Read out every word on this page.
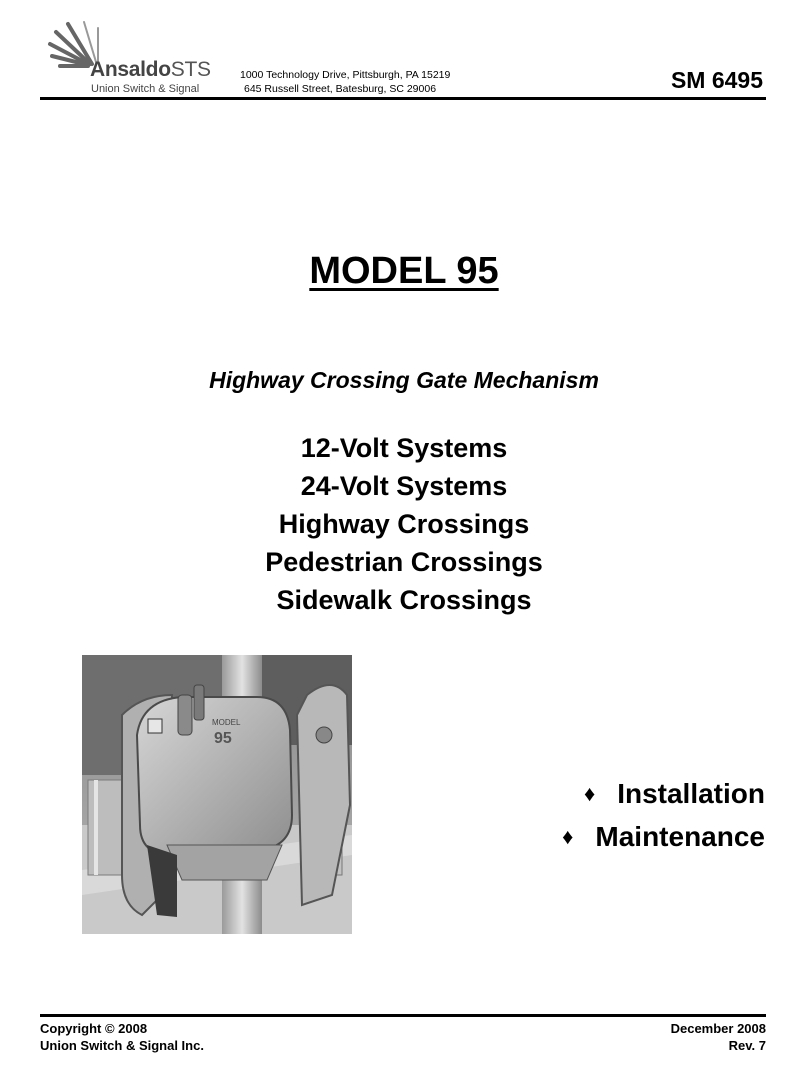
AnsaldoSTS
Union Switch & Signal
1000 Technology Drive, Pittsburgh, PA 15219
645 Russell Street, Batesburg, SC 29006	SM 6495
MODEL 95
Highway Crossing Gate Mechanism
12-Volt Systems
24-Volt Systems
Highway Crossings
Pedestrian Crossings
Sidewalk Crossings
MODEL
95
♦ Installation
♦ Maintenance
Copyright © 2008
Union Switch & Signal Inc.
December 2008
Rev. 7
